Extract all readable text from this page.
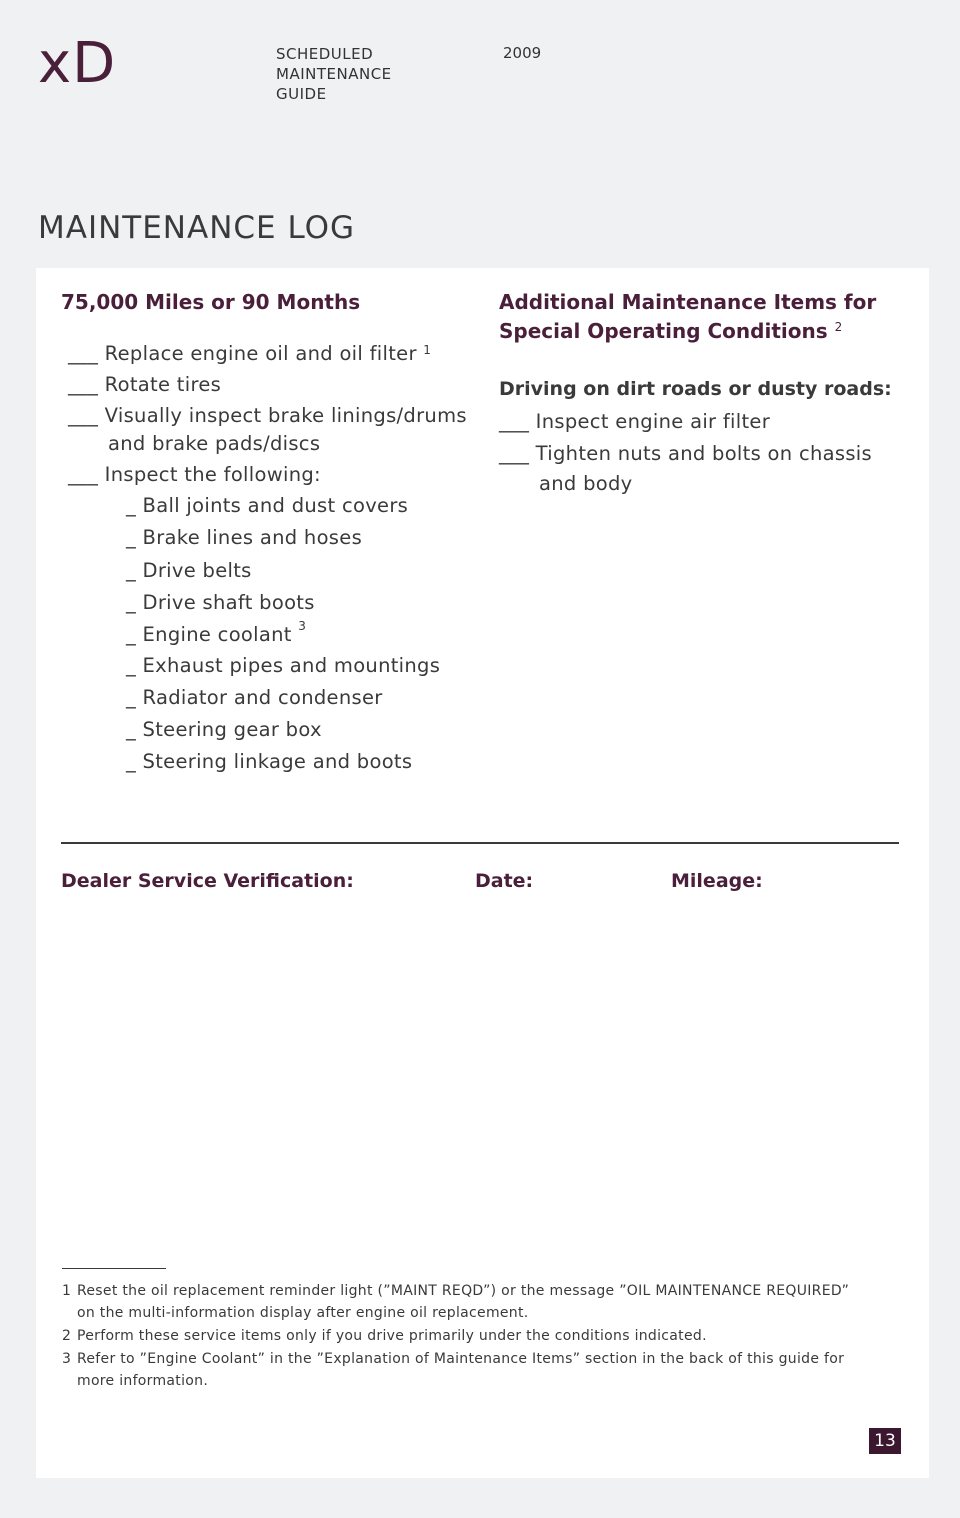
xD	SCHEDULED
MAINTENANCE
GUIDE
2009
MAINTENANCE LOG
75,000 Miles or 90 Months
___ Replace engine oil and oil filter $^1$
___ Rotate tires
___ Visually inspect brake linings/drums
and brake pads/discs
___ Inspect the following:
_ Ball joints and dust covers
_ Brake lines and hoses
_ Drive belts
_ Drive shaft boots
_ Engine coolant $^3$
_ Exhaust pipes and mountings
_ Radiator and condenser
_ Steering gear box
_ Steering linkage and boots
Additional Maintenance Items for
Special Operating Conditions $^2$
Driving on dirt roads or dusty roads:
___ Inspect engine air filter
___ Tighten nuts and bolts on chassis
and body
Dealer Service Verification:	Date:	Mileage:
1 Reset the oil replacement reminder light (”MAINT REQD”) or the message ”OIL MAINTENANCE REQUIRED”
on the multi-information display after engine oil replacement.
2 Perform these service items only if you drive primarily under the conditions indicated.
3 Refer to ”Engine Coolant” in the ”Explanation of Maintenance Items” section in the back of this guide for
more information.
13
